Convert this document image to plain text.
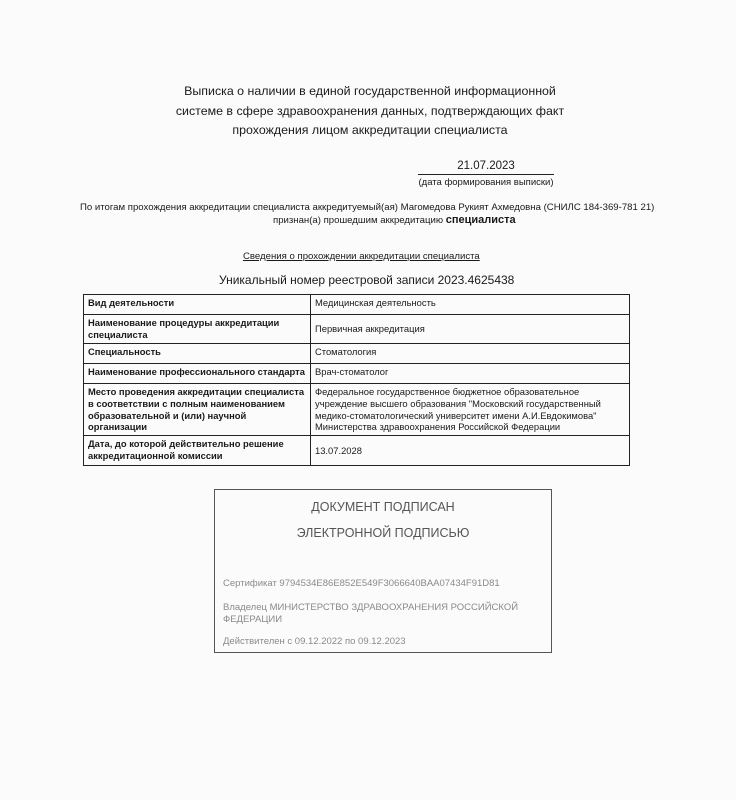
Выписка о наличии в единой государственной информационной
системе в сфере здравоохранения данных, подтверждающих факт
прохождения лицом аккредитации специалиста
21.07.2023
(дата формирования выписки)
По итогам прохождения аккредитации специалиста аккредитуемый(ая) Магомедова Рукият Ахмедовна (СНИЛС 184-369-781 21)
признан(а) прошедшим аккредитацию специалиста
Сведения о прохождении аккредитации специалиста
Уникальный номер реестровой записи 2023.4625438
Вид деятельности	Медицинская деятельность
Наименование процедуры аккредитации специалиста	Первичная аккредитация
Специальность	Стоматология
Наименование профессионального стандарта	Врач-стоматолог
Место проведения аккредитации специалиста в соответствии с полным наименованием образовательной и (или) научной организации	Федеральное государственное бюджетное образовательное учреждение высшего образования "Московский государственный медико-стоматологический университет имени А.И.Евдокимова" Министерства здравоохранения Российской Федерации
Дата, до которой действительно решение аккредитационной комиссии	13.07.2028
ДОКУМЕНТ ПОДПИСАН
ЭЛЕКТРОННОЙ ПОДПИСЬЮ
Сертификат 9794534E86E852E549F3066640BAA07434F91D81
Владелец МИНИСТЕРСТВО ЗДРАВООХРАНЕНИЯ РОССИЙСКОЙ ФЕДЕРАЦИИ
Действителен с 09.12.2022 по 09.12.2023
